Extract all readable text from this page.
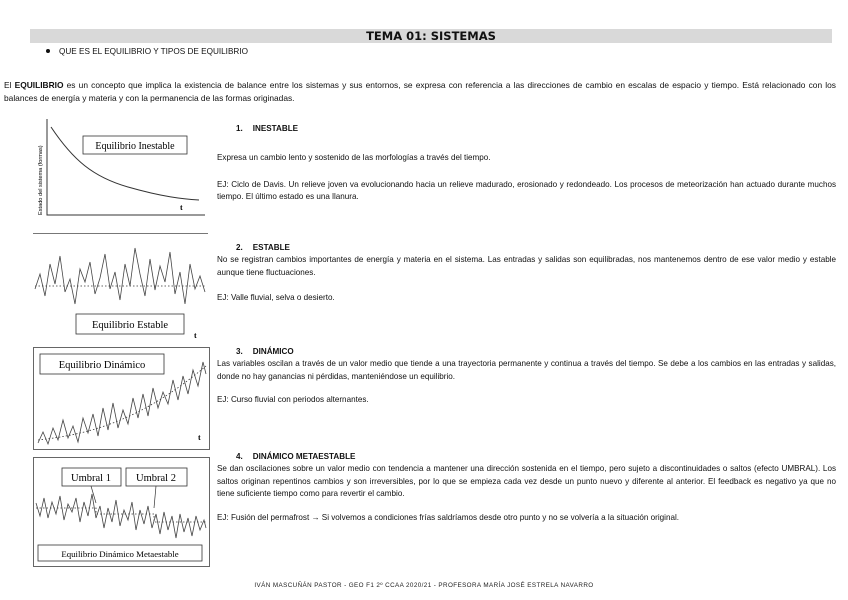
TEMA 01: SISTEMAS
QUE ES EL EQUILIBRIO Y TIPOS DE EQUILIBRIO
El EQUILIBRIO es un concepto que implica la existencia de balance entre los sistemas y sus entornos, se expresa con referencia a las direcciones de cambio en escalas de espacio y tiempo. Está relacionado con los balances de energía y materia y con la permanencia de las formas originadas.
1. INESTABLE

Expresa un cambio lento y sostenido de las morfologías a través del tiempo.

EJ: Ciclo de Davis. Un relieve joven va evolucionando hacia un relieve madurado, erosionado y redondeado. Los procesos de meteorización han actuado durante muchos tiempo. El último estado es una llanura.

2. ESTABLE

No se registran cambios importantes de energía y materia en el sistema. Las entradas y salidas son equilibradas, nos mantenemos dentro de ese valor medio y estable aunque tiene fluctuaciones.

EJ: Valle fluvial, selva o desierto.

3. DINÁMICO

Las variables oscilan a través de un valor medio que tiende a una trayectoria permanente y continua a través del tiempo. Se debe a los cambios en las entradas y salidas, donde no hay ganancias ni pérdidas, manteniéndose un equilibrio.

EJ: Curso fluvial con periodos alternantes.

4. DINÁMICO METAESTABLE

Se dan oscilaciones sobre un valor medio con tendencia a mantener una dirección sostenida en el tiempo, pero sujeto a discontinuidades o saltos (efecto UMBRAL). Los saltos originan repentinos cambios y son irreversibles, por lo que se empieza cada vez desde un punto nuevo y diferente al anterior. El feedback es negativo ya que no tiene suficiente tiempo como para revertir el cambio.

EJ: Fusión del permafrost → Si volvemos a condiciones frías saldríamos desde otro punto y no se volvería a la situación original.

Equilibrio Inestable
t
Estado del sistema (formas)
Equilibrio Estable
t
Equilibrio Dinámico
t
Umbral 1 Umbral 2
Equilibrio Dinámico Metaestable
IVÁN MASCUÑÁN PASTOR - GEO F1 2º CCAA 2020/21 - PROFESORA MARÍA JOSÉ ESTRELA NAVARRO
